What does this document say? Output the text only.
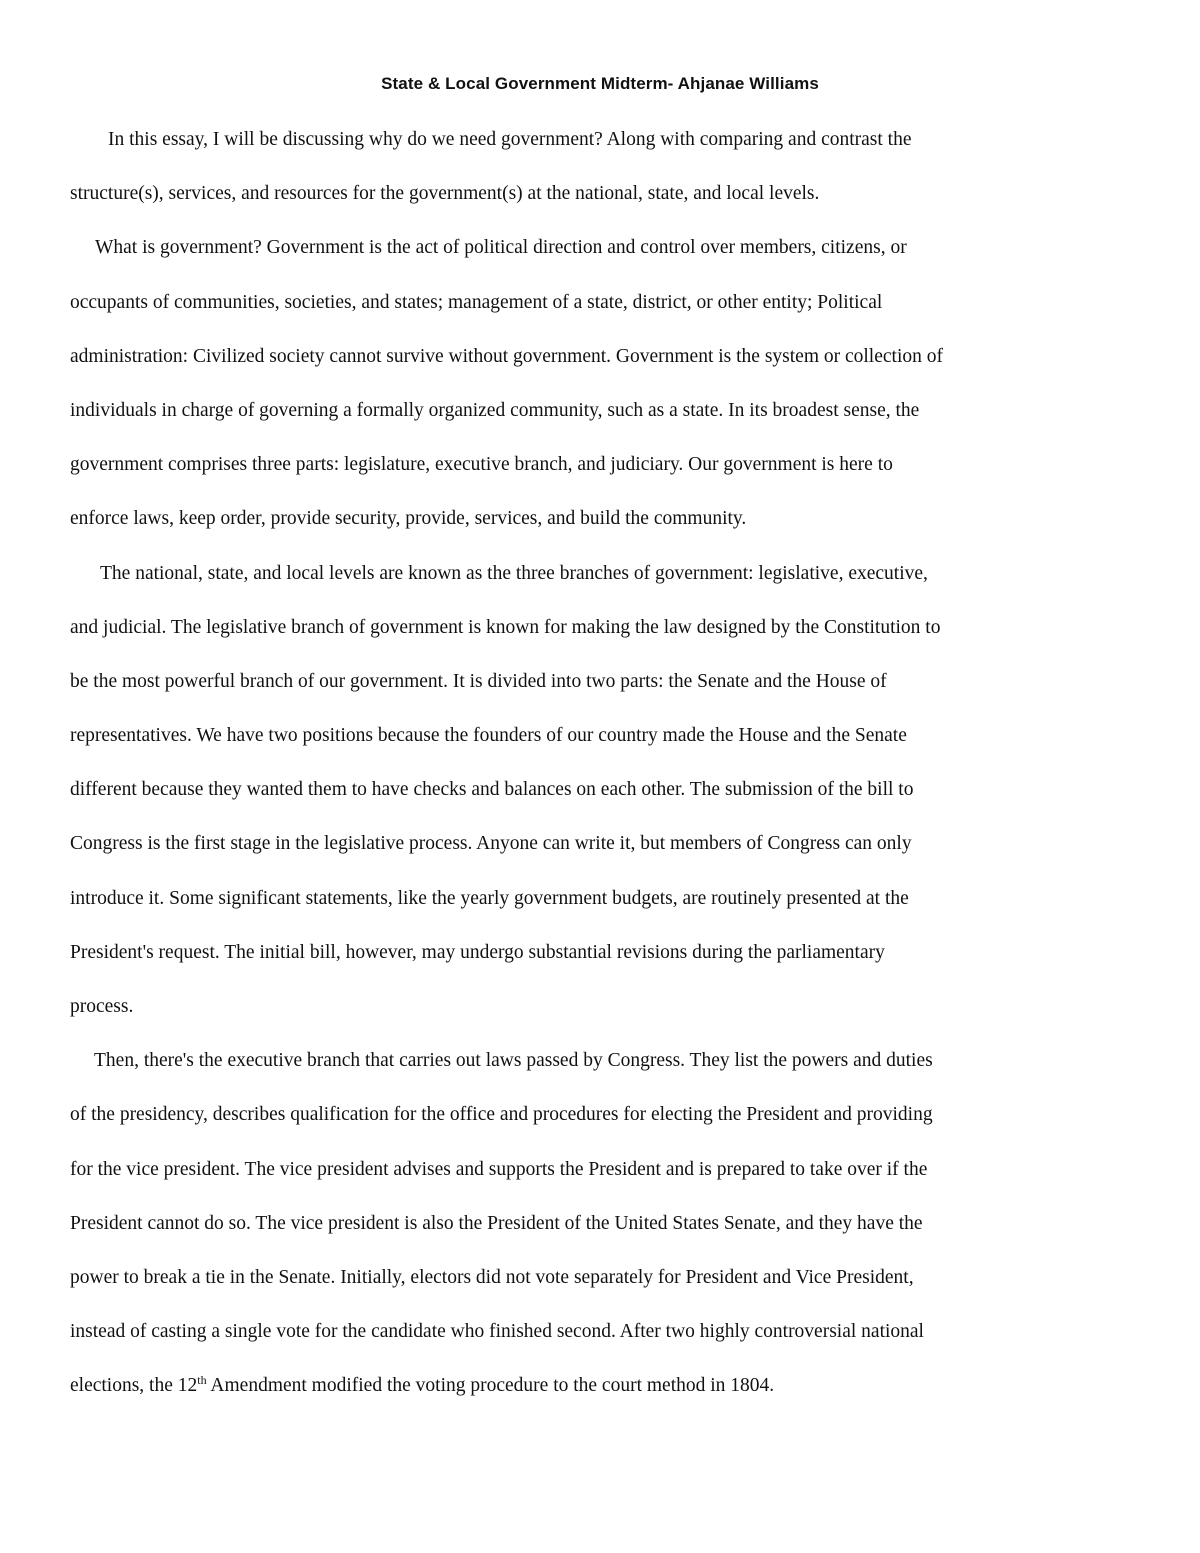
State & Local Government Midterm- Ahjanae Williams
In this essay, I will be discussing why do we need government? Along with comparing and contrast the
structure(s), services, and resources for the government(s) at the national, state, and local levels.
What is government? Government is the act of political direction and control over members, citizens, or
occupants of communities, societies, and states; management of a state, district, or other entity; Political
administration: Civilized society cannot survive without government. Government is the system or collection of
individuals in charge of governing a formally organized community, such as a state. In its broadest sense, the
government comprises three parts: legislature, executive branch, and judiciary. Our government is here to
enforce laws, keep order, provide security, provide, services, and build the community.
The national, state, and local levels are known as the three branches of government: legislative, executive,
and judicial. The legislative branch of government is known for making the law designed by the Constitution to
be the most powerful branch of our government. It is divided into two parts: the Senate and the House of
representatives. We have two positions because the founders of our country made the House and the Senate
different because they wanted them to have checks and balances on each other. The submission of the bill to
Congress is the first stage in the legislative process. Anyone can write it, but members of Congress can only
introduce it. Some significant statements, like the yearly government budgets, are routinely presented at the
President's request. The initial bill, however, may undergo substantial revisions during the parliamentary
process.
Then, there's the executive branch that carries out laws passed by Congress. They list the powers and duties
of the presidency, describes qualification for the office and procedures for electing the President and providing
for the vice president. The vice president advises and supports the President and is prepared to take over if the
President cannot do so. The vice president is also the President of the United States Senate, and they have the
power to break a tie in the Senate. Initially, electors did not vote separately for President and Vice President,
instead of casting a single vote for the candidate who finished second. After two highly controversial national
elections, the 12th Amendment modified the voting procedure to the court method in 1804.
